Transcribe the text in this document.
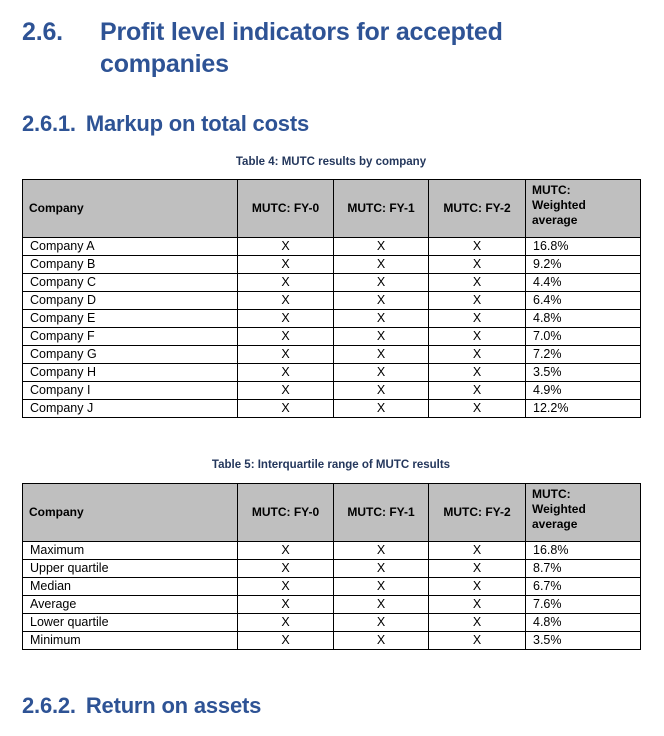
2.6.	Profit level indicators for accepted companies
2.6.1. Markup on total costs
Table 4: MUTC results by company
Company	MUTC: FY-0	MUTC: FY-1	MUTC: FY-2	MUTC:
Weighted
average
Company A	X	X	X	16.8%
Company B	X	X	X	9.2%
Company C	X	X	X	4.4%
Company D	X	X	X	6.4%
Company E	X	X	X	4.8%
Company F	X	X	X	7.0%
Company G	X	X	X	7.2%
Company H	X	X	X	3.5%
Company I	X	X	X	4.9%
Company J	X	X	X	12.2%
Table 5: Interquartile range of MUTC results
Company	MUTC: FY-0	MUTC: FY-1	MUTC: FY-2	MUTC:
Weighted
average
Maximum	X	X	X	16.8%
Upper quartile	X	X	X	8.7%
Median	X	X	X	6.7%
Average	X	X	X	7.6%
Lower quartile	X	X	X	4.8%
Minimum	X	X	X	3.5%
2.6.2. Return on assets
